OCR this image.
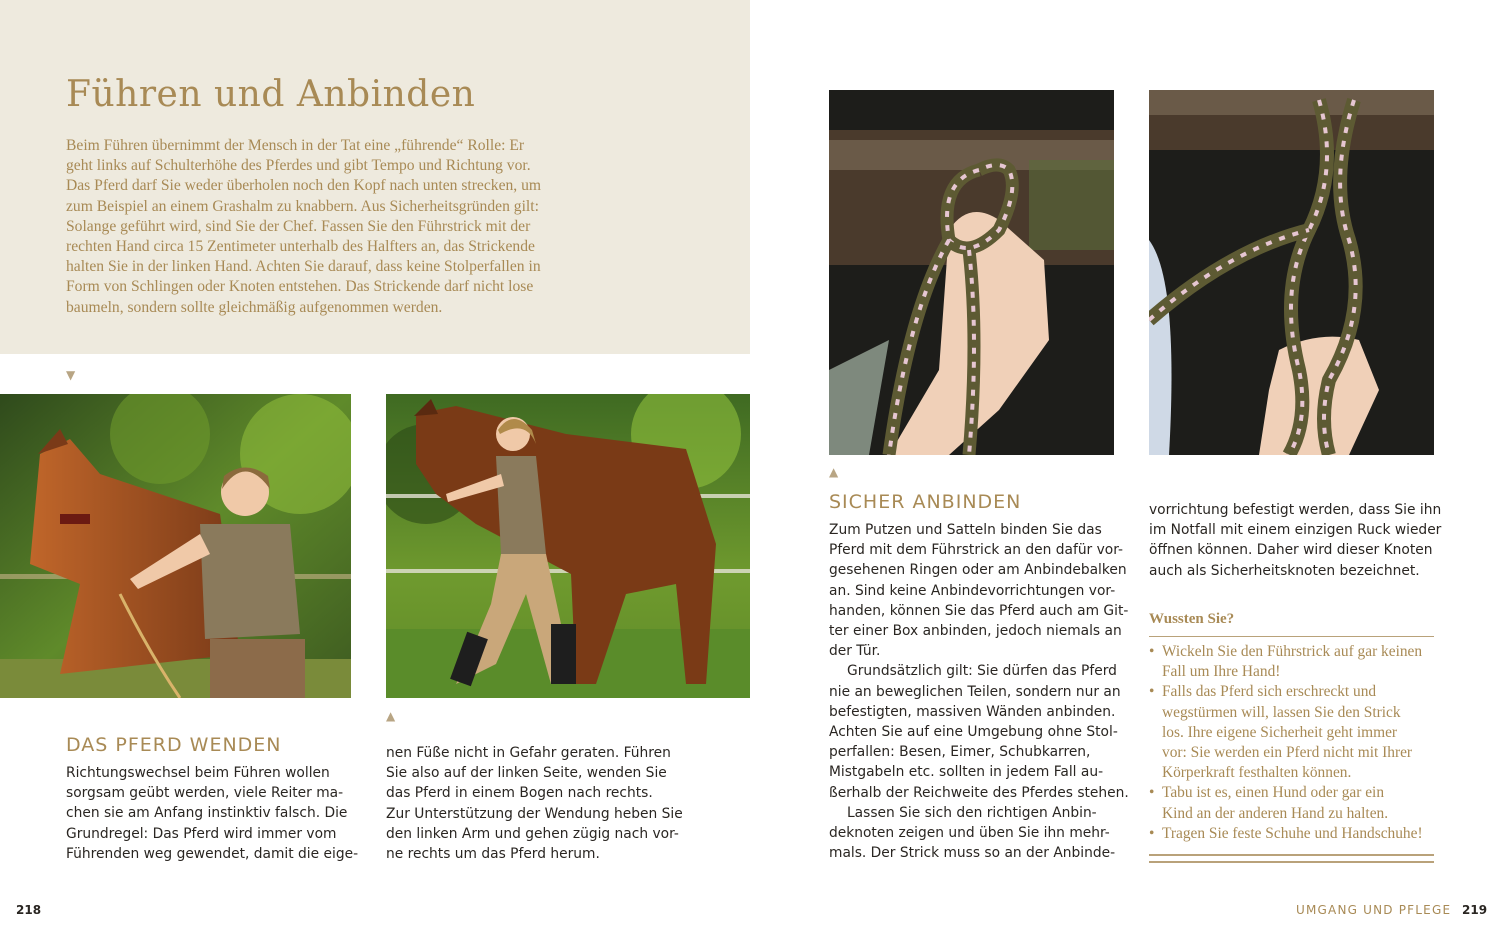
Führen und Anbinden
Beim Führen übernimmt der Mensch in der Tat eine „führende“ Rolle: Er
geht links auf Schulterhöhe des Pferdes und gibt Tempo und Richtung vor.
Das Pferd darf Sie weder überholen noch den Kopf nach unten strecken, um
zum Beispiel an einem Grashalm zu knabbern. Aus Sicherheitsgründen gilt:
Solange geführt wird, sind Sie der Chef. Fassen Sie den Führstrick mit der
rechten Hand circa 15 Zentimeter unterhalb des Halfters an, das Strickende
halten Sie in der linken Hand. Achten Sie darauf, dass keine Stolperfallen in
Form von Schlingen oder Knoten entstehen. Das Strickende darf nicht lose
baumeln, sondern sollte gleichmäßig aufgenommen werden.
▼
▲
DAS PFERD WENDEN
Richtungswechsel beim Führen wollen
sorgsam geübt werden, viele Reiter ma-
chen sie am Anfang instinktiv falsch. Die
Grundregel: Das Pferd wird immer vom
Führenden weg gewendet, damit die eige-
nen Füße nicht in Gefahr geraten. Führen
Sie also auf der linken Seite, wenden Sie
das Pferd in einem Bogen nach rechts.
Zur Unterstützung der Wendung heben Sie
den linken Arm und gehen zügig nach vor-
ne rechts um das Pferd herum.
218
▲
SICHER ANBINDEN
Zum Putzen und Satteln binden Sie das
Pferd mit dem Führstrick an den dafür vor-
gesehenen Ringen oder am Anbindebalken
an. Sind keine Anbindevorrichtungen vor-
handen, können Sie das Pferd auch am Git-
ter einer Box anbinden, jedoch niemals an
der Tür.
Grundsätzlich gilt: Sie dürfen das Pferd
nie an beweglichen Teilen, sondern nur an
befestigten, massiven Wänden anbinden.
Achten Sie auf eine Umgebung ohne Stol-
perfallen: Besen, Eimer, Schubkarren,
Mistgabeln etc. sollten in jedem Fall au-
ßerhalb der Reichweite des Pferdes stehen.
Lassen Sie sich den richtigen Anbin-
deknoten zeigen und üben Sie ihn mehr-
mals. Der Strick muss so an der Anbinde-
vorrichtung befestigt werden, dass Sie ihn
im Notfall mit einem einzigen Ruck wieder
öffnen können. Daher wird dieser Knoten
auch als Sicherheitsknoten bezeichnet.
Wussten Sie?
• Wickeln Sie den Führstrick auf gar keinen
Fall um Ihre Hand!
• Falls das Pferd sich erschreckt und
wegstürmen will, lassen Sie den Strick
los. Ihre eigene Sicherheit geht immer
vor: Sie werden ein Pferd nicht mit Ihrer
Körperkraft festhalten können.
• Tabu ist es, einen Hund oder gar ein
Kind an der anderen Hand zu halten.
• Tragen Sie feste Schuhe und Handschuhe!
UMGANG UND PFLEGE 219
